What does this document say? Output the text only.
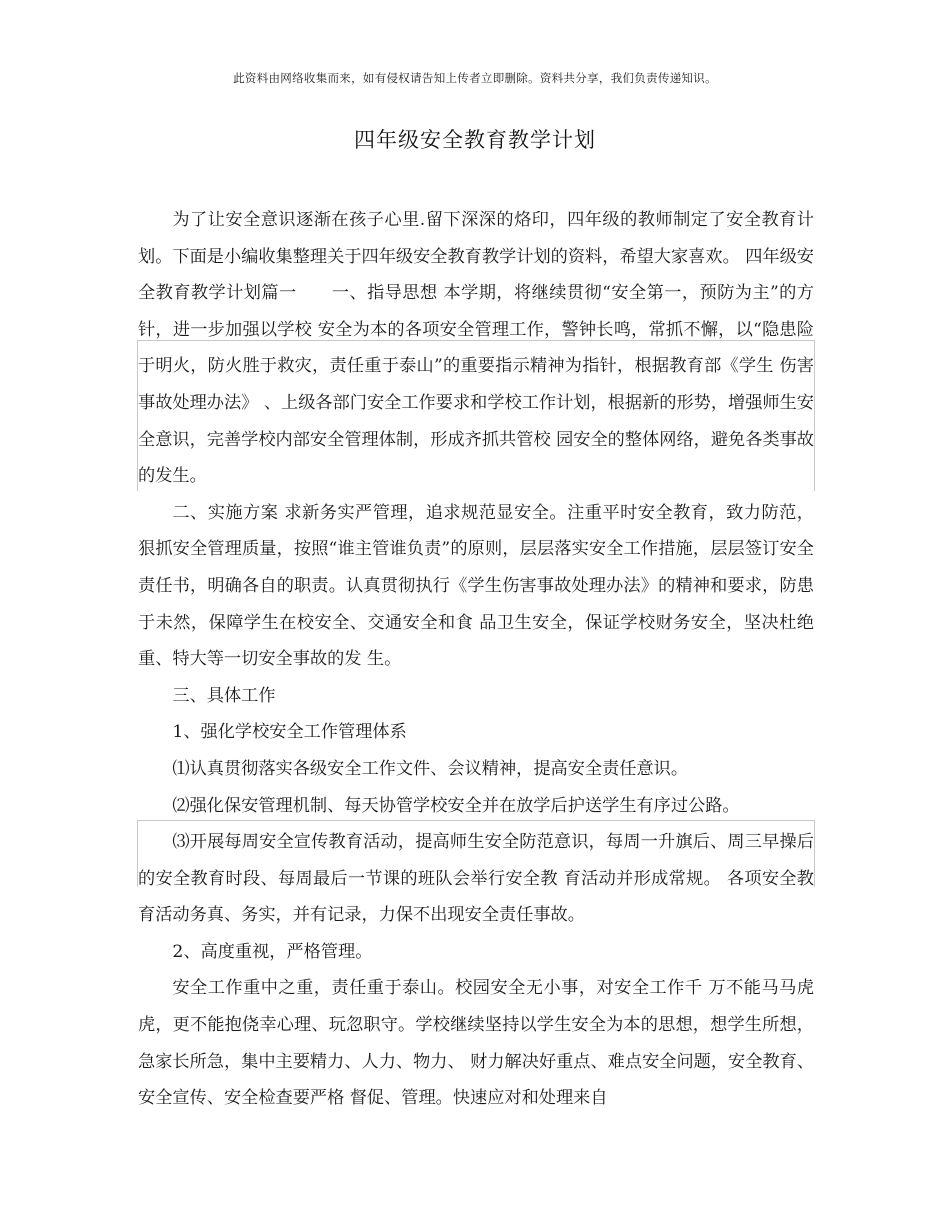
此资料由网络收集而来，如有侵权请告知上传者立即删除。资料共分享，我们负责传递知识。
四年级安全教育教学计划

为了让安全意识逐渐在孩子心里.留下深深的烙印，四年级的教师制定了安全教育计划。下面是小编收集整理关于四年级安全教育教学计划的资料，希望大家喜欢。 四年级安全教育教学计划篇一　　一、指导思想 本学期，将继续贯彻“安全第一，预防为主”的方针，进一步加强以学校 安全为本的各项安全管理工作，警钟长鸣，常抓不懈，以“隐患险于明火，防火胜于救灾，责任重于泰山”的重要指示精神为指针，根据教育部《学生 伤害事故处理办法》 、上级各部门安全工作要求和学校工作计划，根据新的形势，增强师生安全意识，完善学校内部安全管理体制，形成齐抓共管校 园安全的整体网络，避免各类事故的发生。

二、实施方案 求新务实严管理，追求规范显安全。注重平时安全教育，致力防范， 狠抓安全管理质量，按照“谁主管谁负责”的原则，层层落实安全工作措施，层层签订安全责任书，明确各自的职责。认真贯彻执行《学生伤害事故处理办法》的精神和要求，防患于未然，保障学生在校安全、交通安全和食 品卫生安全，保证学校财务安全，坚决杜绝重、特大等一切安全事故的发 生。

三、具体工作

1、强化学校安全工作管理体系

⑴认真贯彻落实各级安全工作文件、会议精神，提高安全责任意识。

⑵强化保安管理机制、每天协管学校安全并在放学后护送学生有序过公路。

⑶开展每周安全宣传教育活动，提高师生安全防范意识，每周一升旗后、周三早操后的安全教育时段、每周最后一节课的班队会举行安全教 育活动并形成常规。 各项安全教育活动务真、务实，并有记录，力保不出现安全责任事故。

2、高度重视，严格管理。

安全工作重中之重，责任重于泰山。校园安全无小事，对安全工作千 万不能马马虎虎，更不能抱侥幸心理、玩忽职守。学校继续坚持以学生安全为本的思想，想学生所想，急家长所急，集中主要精力、人力、物力、 财力解决好重点、难点安全问题，安全教育、安全宣传、安全检查要严格 督促、管理。快速应对和处理来自
